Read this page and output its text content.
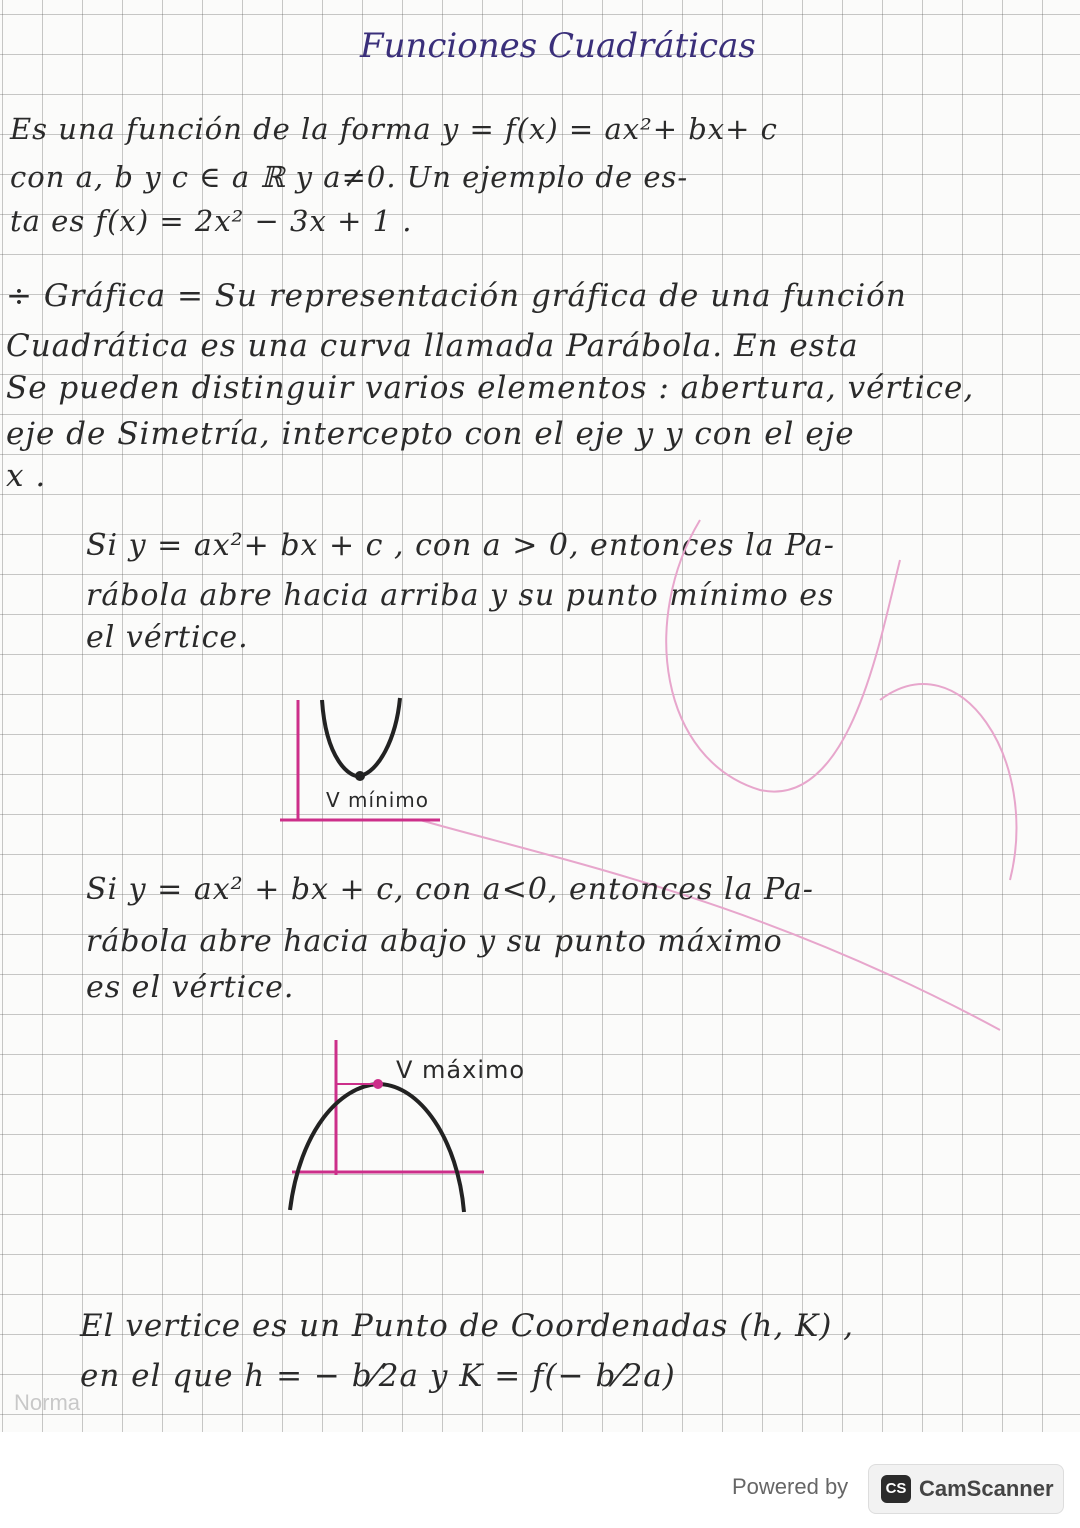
Funciones Cuadráticas

Es una función de la forma y = f(x) = ax²+ bx+ c

con a, b y c ∈ a ℝ y a≠0. Un ejemplo de es-

ta es f(x) = 2x² − 3x + 1 .

÷ Gráfica = Su representación gráfica de una función

Cuadrática es una curva llamada Parábola. En esta

Se pueden distinguir varios elementos : abertura, vértice,

eje de Simetría, intercepto con el eje y y con el eje

x .

Si y = ax²+ bx + c , con a > 0, entonces la Pa-

rábola abre hacia arriba y su punto mínimo es

el vértice.

V mínimo

Si y = ax² + bx + c, con a<0, entonces la Pa-

rábola abre hacia abajo y su punto máximo

es el vértice.

V máximo

El vertice es un Punto de Coordenadas (h, K) ,

en el que h = − b⁄2a y K = f(− b⁄2a)

Norma
Powered by	CS CamScanner
